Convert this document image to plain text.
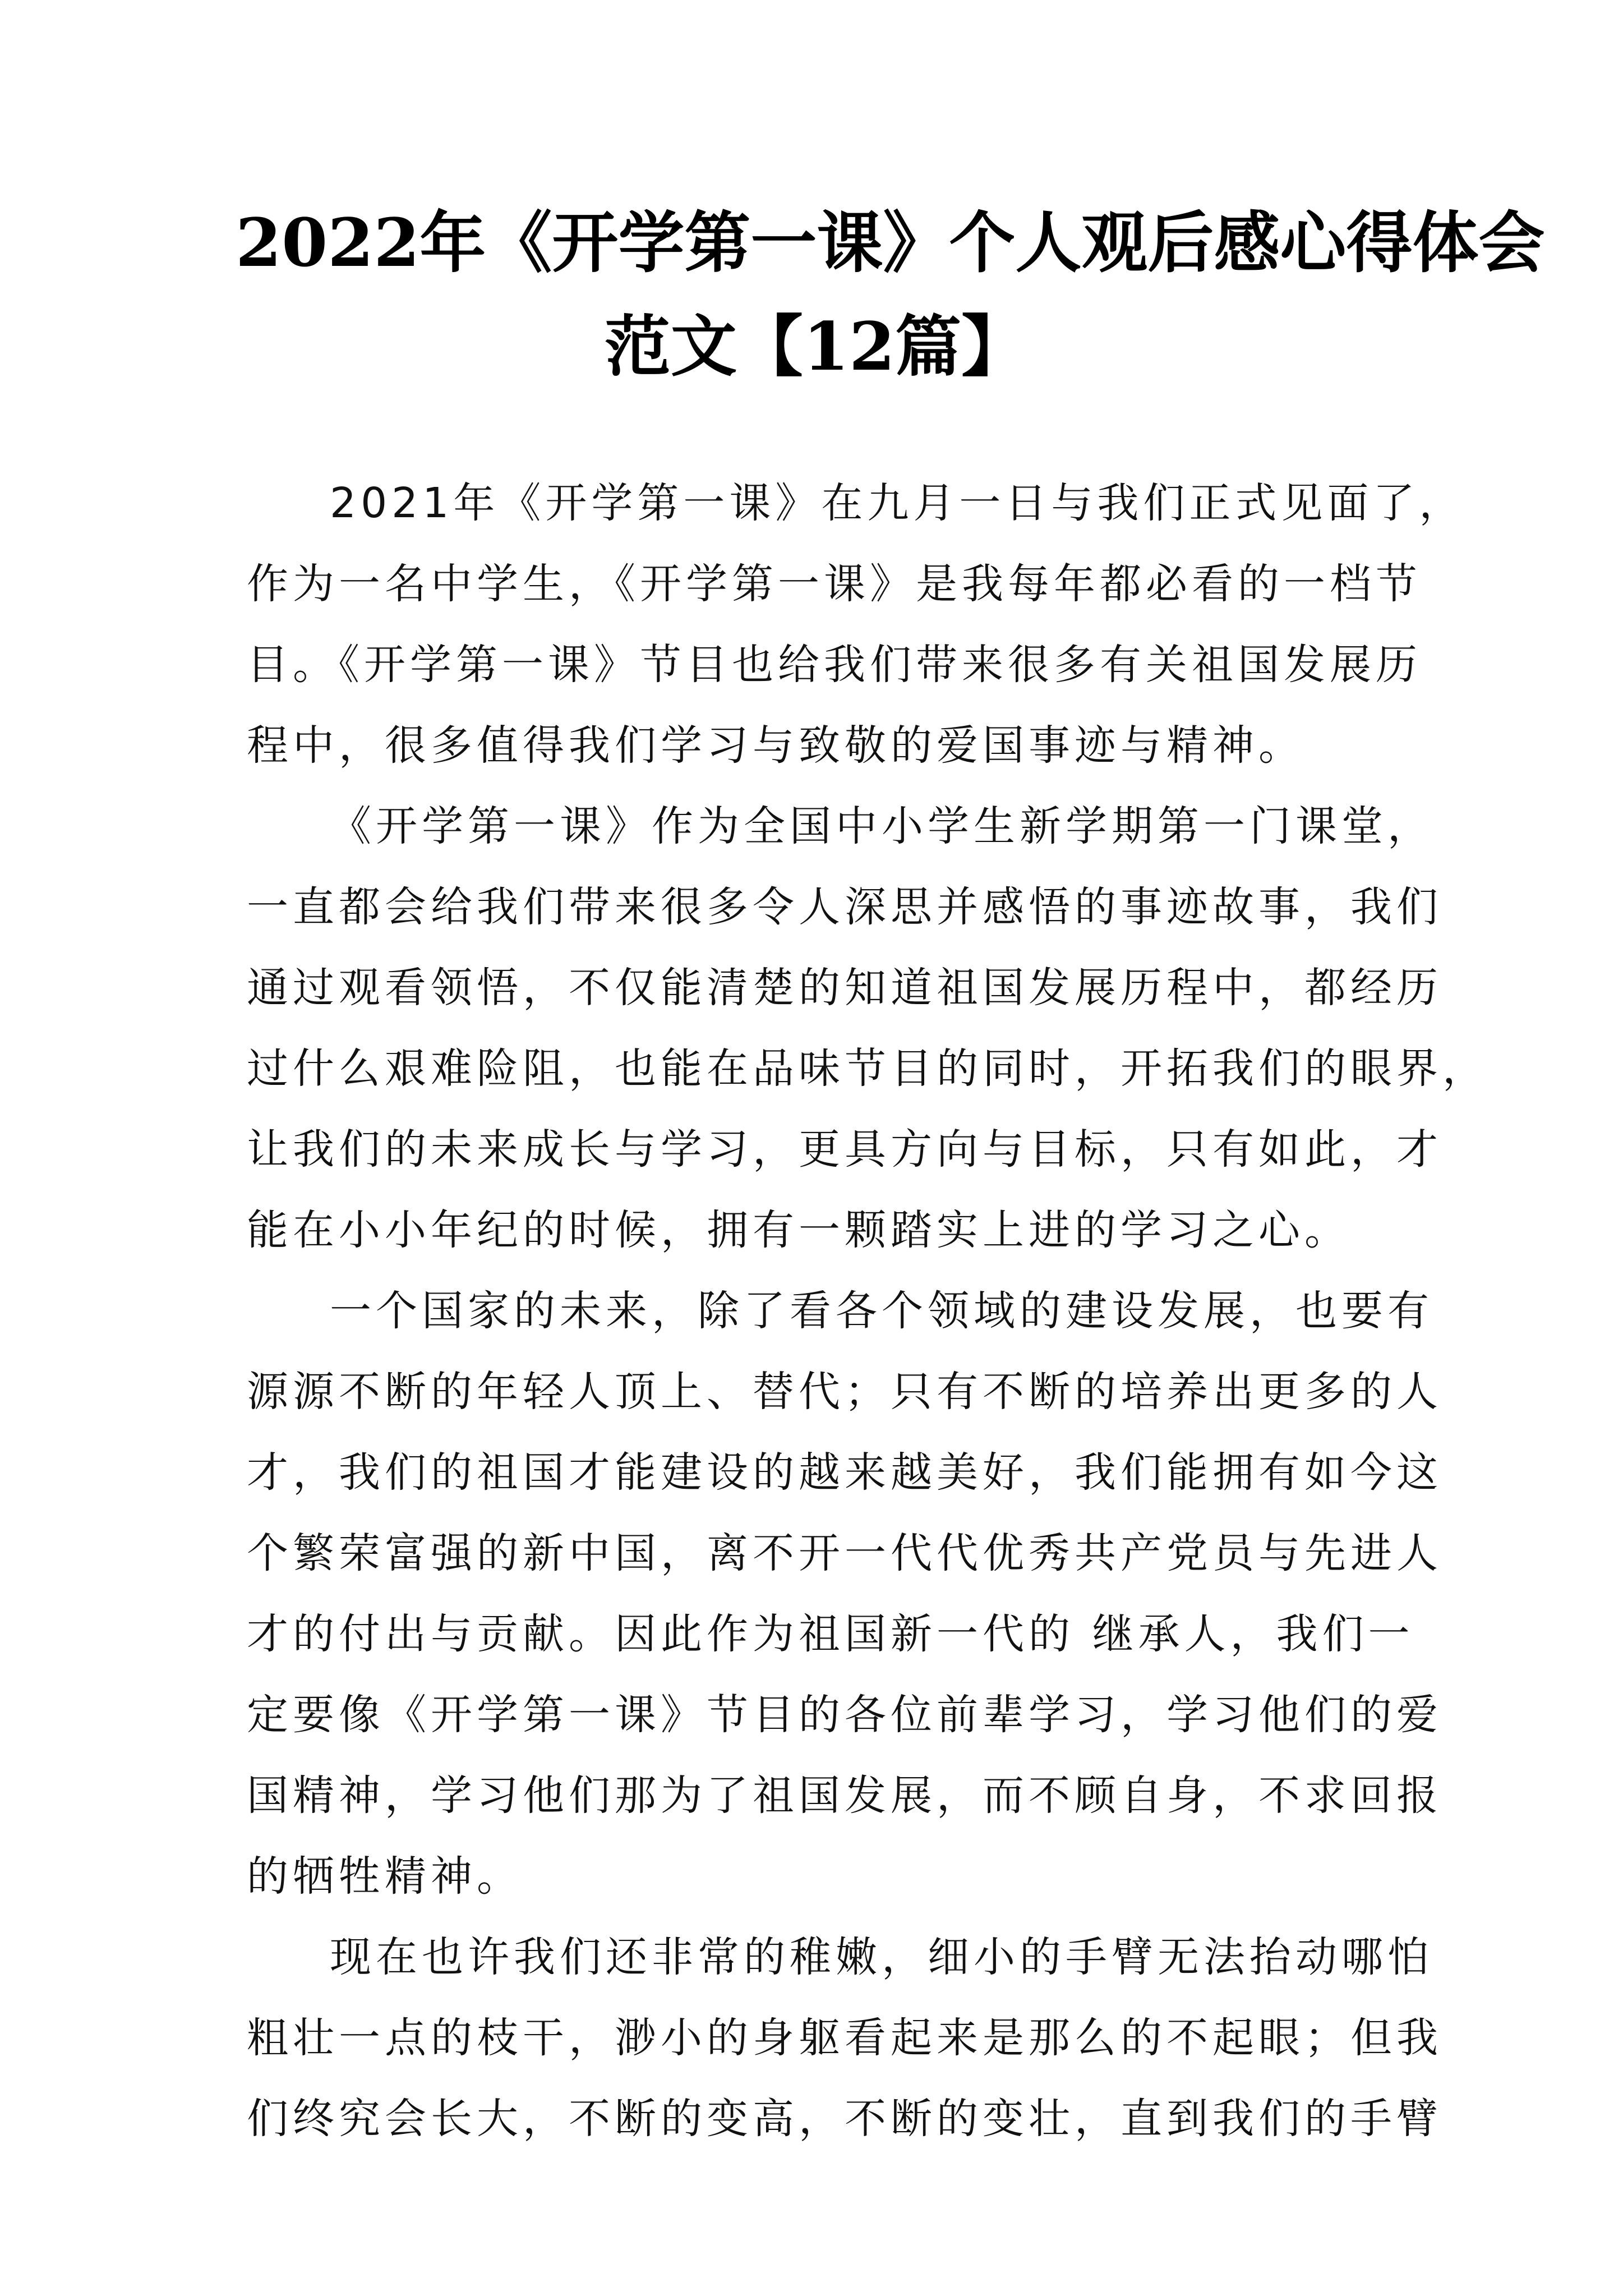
2022年《开学第一课》个人观后感心得体会
范文【12篇】

2021年《开学第一课》在九月一日与我们正式见面了，
作为一名中学生，《开学第一课》是我每年都必看的一档节
目。《开学第一课》节目也给我们带来很多有关祖国发展历
程中，很多值得我们学习与致敬的爱国事迹与精神。

《开学第一课》作为全国中小学生新学期第一门课堂，
一直都会给我们带来很多令人深思并感悟的事迹故事，我们
通过观看领悟，不仅能清楚的知道祖国发展历程中，都经历
过什么艰难险阻，也能在品味节目的同时，开拓我们的眼界，
让我们的未来成长与学习，更具方向与目标，只有如此，才
能在小小年纪的时候，拥有一颗踏实上进的学习之心。

一个国家的未来，除了看各个领域的建设发展，也要有
源源不断的年轻人顶上、替代；只有不断的培养出更多的人
才，我们的祖国才能建设的越来越美好，我们能拥有如今这
个繁荣富强的新中国，离不开一代代优秀共产党员与先进人
才的付出与贡献。因此作为祖国新一代的 继承人，我们一
定要像《开学第一课》节目的各位前辈学习，学习他们的爱
国精神，学习他们那为了祖国发展，而不顾自身，不求回报
的牺牲精神。

现在也许我们还非常的稚嫩，细小的手臂无法抬动哪怕
粗壮一点的枝干，渺小的身躯看起来是那么的不起眼；但我
们终究会长大，不断的变高，不断的变壮，直到我们的手臂
